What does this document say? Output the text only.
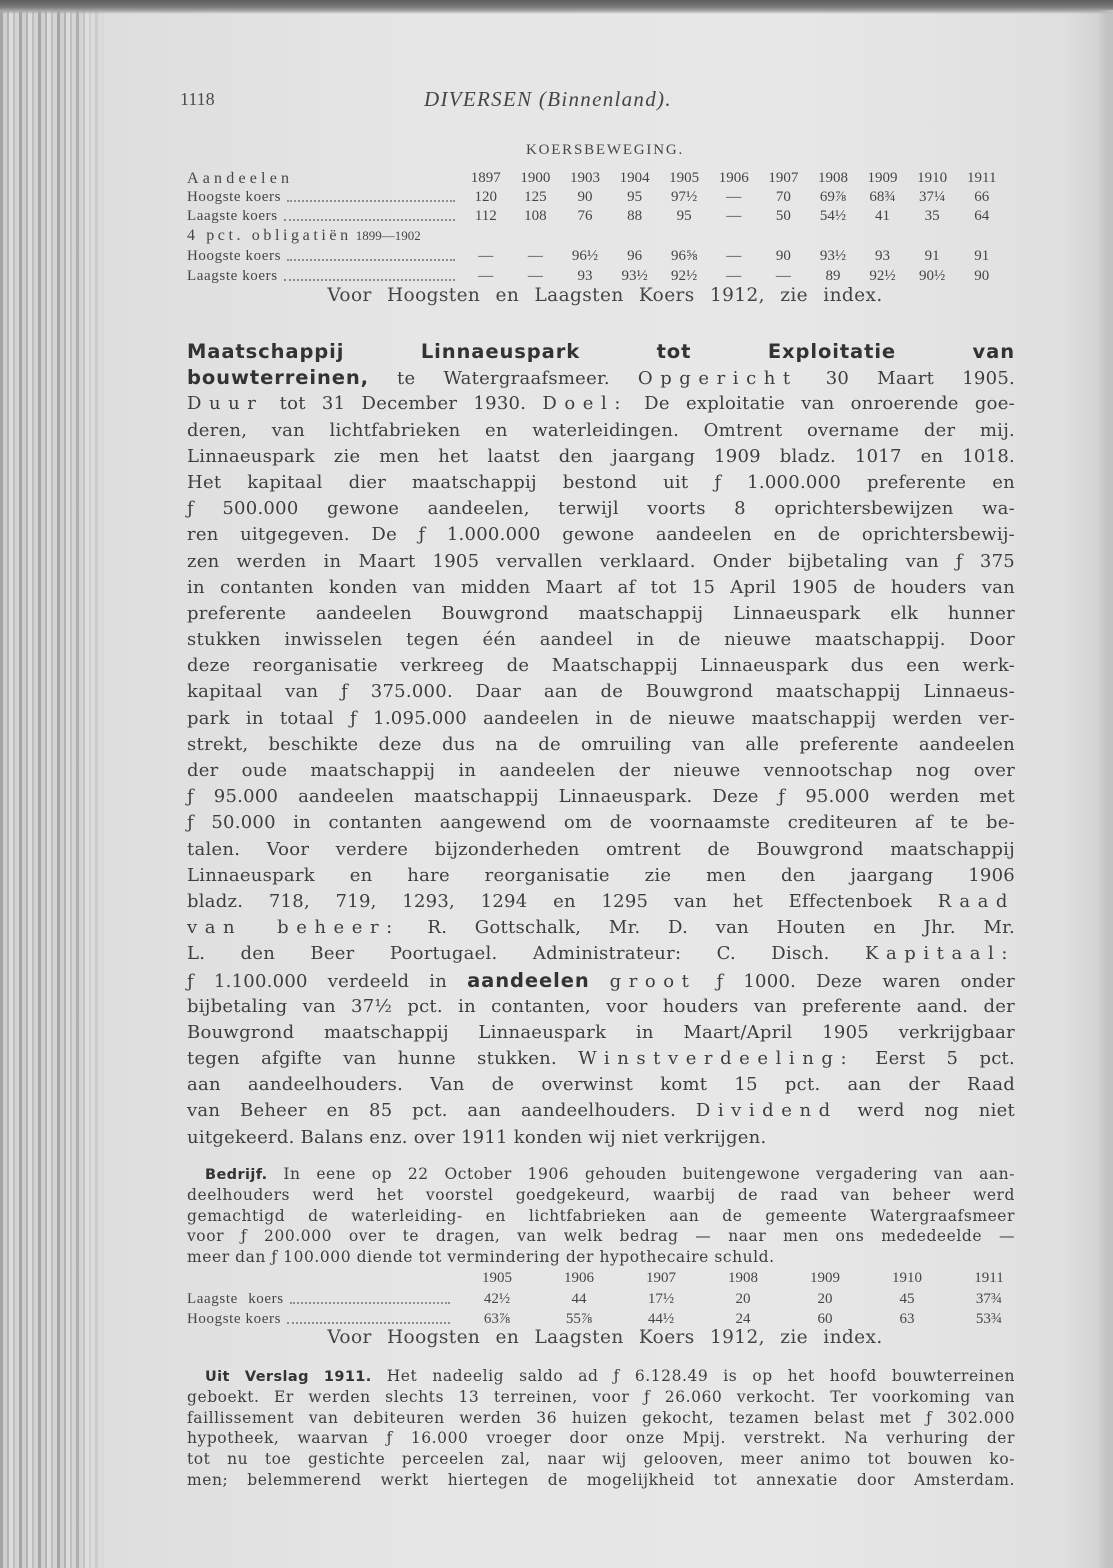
1118	DIVERSEN (Binnenland).
KOERSBEWEGING.
Aandeelen	1897	1900	1903	1904	1905	1906	1907	1908	1909	1910	1911
Hoogste koers	120	125	90	95	97½	—	70	69⅞	68¾	37¼	66
Laagste koers	112	108	76	88	95	—	50	54½	41	35	64
4 pct. obligatiën 1899—1902
Hoogste koers	—	—	96½	96	96⅝	—	90	93½	93	91	91
Laagste koers	—	—	93	93½	92½	—	—	89	92½	90½	90
Voor Hoogsten en Laagsten Koers 1912, zie index.
Maatschappij Linnaeuspark tot Exploitatie van
bouwterreinen, te Watergraafsmeer. Opgericht 30 Maart 1905.
Duur tot 31 December 1930. Doel: De exploitatie van onroerende goe-
deren, van lichtfabrieken en waterleidingen. Omtrent overname der mij.
Linnaeuspark zie men het laatst den jaargang 1909 bladz. 1017 en 1018.
Het kapitaal dier maatschappij bestond uit ƒ 1.000.000 preferente en
ƒ 500.000 gewone aandeelen, terwijl voorts 8 oprichtersbewijzen wa-
ren uitgegeven. De ƒ 1.000.000 gewone aandeelen en de oprichtersbewij-
zen werden in Maart 1905 vervallen verklaard. Onder bijbetaling van ƒ 375
in contanten konden van midden Maart af tot 15 April 1905 de houders van
preferente aandeelen Bouwgrond maatschappij Linnaeuspark elk hunner
stukken inwisselen tegen één aandeel in de nieuwe maatschappij. Door
deze reorganisatie verkreeg de Maatschappij Linnaeuspark dus een werk-
kapitaal van ƒ 375.000. Daar aan de Bouwgrond maatschappij Linnaeus-
park in totaal ƒ 1.095.000 aandeelen in de nieuwe maatschappij werden ver-
strekt, beschikte deze dus na de omruiling van alle preferente aandeelen
der oude maatschappij in aandeelen der nieuwe vennootschap nog over
ƒ 95.000 aandeelen maatschappij Linnaeuspark. Deze ƒ 95.000 werden met
ƒ 50.000 in contanten aangewend om de voornaamste crediteuren af te be-
talen. Voor verdere bijzonderheden omtrent de Bouwgrond maatschappij
Linnaeuspark en hare reorganisatie zie men den jaargang 1906
bladz. 718, 719, 1293, 1294 en 1295 van het Effectenboek Raad
van beheer: R. Gottschalk, Mr. D. van Houten en Jhr. Mr.
L. den Beer Poortugael. Administrateur: C. Disch. Kapitaal:
ƒ 1.100.000 verdeeld in aandeelen groot ƒ 1000. Deze waren onder
bijbetaling van 37½ pct. in contanten, voor houders van preferente aand. der
Bouwgrond maatschappij Linnaeuspark in Maart/April 1905 verkrijgbaar
tegen afgifte van hunne stukken. Winstverdeeling: Eerst 5 pct.
aan aandeelhouders. Van de overwinst komt 15 pct. aan der Raad
van Beheer en 85 pct. aan aandeelhouders. Dividend werd nog niet
uitgekeerd. Balans enz. over 1911 konden wij niet verkrijgen.
Bedrijf. In eene op 22 October 1906 gehouden buitengewone vergadering van aan-
deelhouders werd het voorstel goedgekeurd, waarbij de raad van beheer werd
gemachtigd de waterleiding- en lichtfabrieken aan de gemeente Watergraafsmeer
voor ƒ 200.000 over te dragen, van welk bedrag — naar men ons mededeelde —
meer dan ƒ 100.000 diende tot vermindering der hypothecaire schuld.
1905	1906	1907	1908	1909	1910	1911
Laagste koers	42½	44	17½	20	20	45	37¾
Hoogste koers	63⅞	55⅞	44½	24	60	63	53¾
Voor Hoogsten en Laagsten Koers 1912, zie index.
Uit Verslag 1911. Het nadeelig saldo ad ƒ 6.128.49 is op het hoofd bouwterreinen
geboekt. Er werden slechts 13 terreinen, voor ƒ 26.060 verkocht. Ter voorkoming van
faillissement van debiteuren werden 36 huizen gekocht, tezamen belast met ƒ 302.000
hypotheek, waarvan ƒ 16.000 vroeger door onze Mpij. verstrekt. Na verhuring der
tot nu toe gestichte perceelen zal, naar wij gelooven, meer animo tot bouwen ko-
men; belemmerend werkt hiertegen de mogelijkheid tot annexatie door Amsterdam.
